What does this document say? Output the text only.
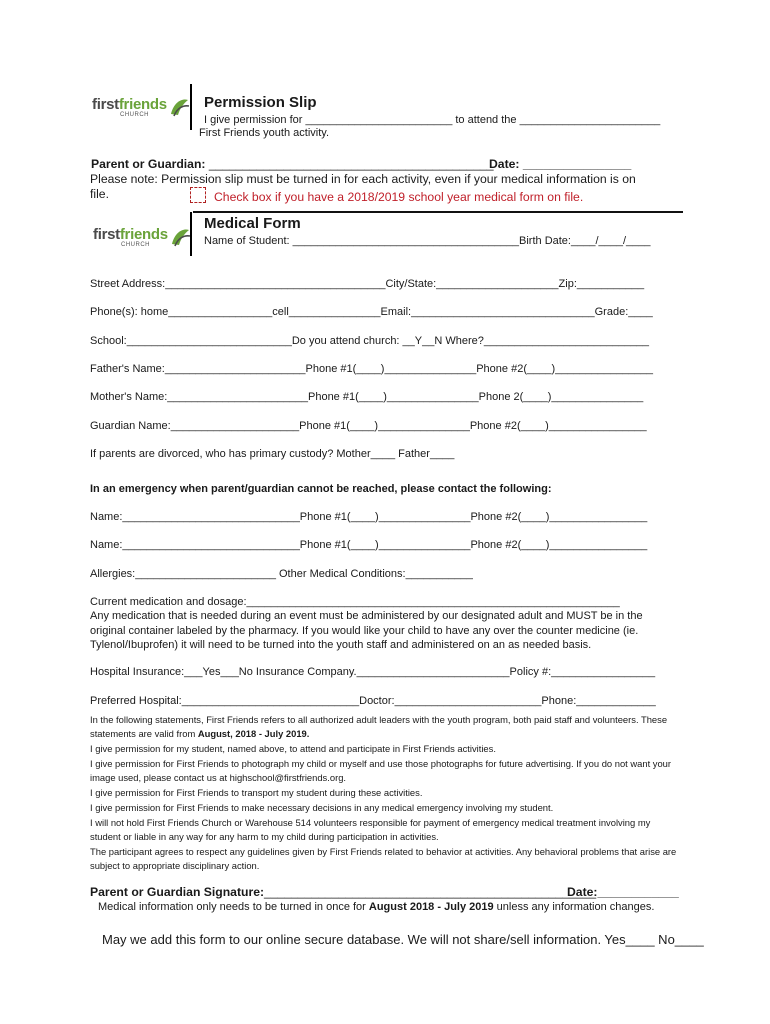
firstfriends
CHURCH
Permission Slip
I give permission for ________________________ to attend the _______________________
First Friends youth activity.
Parent or Guardian: __________________________________________
Date: ________________
Please note: Permission slip must be turned in for each activity, even if your medical information is on
file.	Check box if you have a 2018/2019 school year medical form on file.
firstfriends
CHURCH
Medical Form
Name of Student: _____________________________________Birth Date:____/____/____
Street Address:____________________________________City/State:____________________Zip:___________
Phone(s): home_________________cell_______________Email:______________________________Grade:____
School:___________________________Do you attend church: __Y__N Where?___________________________
Father's Name:_______________________Phone #1(____)_______________Phone #2(____)________________
Mother's Name:_______________________Phone #1(____)_______________Phone 2(____)_______________
Guardian Name:_____________________Phone #1(____)_______________Phone #2(____)________________
If parents are divorced, who has primary custody? Mother____ Father____
In an emergency when parent/guardian cannot be reached, please contact the following:
Name:_____________________________Phone #1(____)_______________Phone #2(____)________________
Name:_____________________________Phone #1(____)_______________Phone #2(____)________________
Allergies:_______________________ Other Medical Conditions:___________
Current medication and dosage:_____________________________________________________________
Any medication that is needed during an event must be administered by our designated adult and MUST be in the original container labeled by the pharmacy. If you would like your child to have any over the counter medicine (ie. Tylenol/Ibuprofen) it will need to be turned into the youth staff and administered on an as needed basis.
Hospital Insurance:___Yes___No Insurance Company._________________________Policy #:_________________
Preferred Hospital:_____________________________Doctor:________________________Phone:_____________
In the following statements, First Friends refers to all authorized adult leaders with the youth program, both paid staff and volunteers. These statements are valid from August, 2018 - July 2019.
I give permission for my student, named above, to attend and participate in First Friends activities.
I give permission for First Friends to photograph my child or myself and use those photographs for future advertising. If you do not want your image used, please contact us at highschool@firstfriends.org.
I give permission for First Friends to transport my student during these activities.
I give permission for First Friends to make necessary decisions in any medical emergency involving my student.
I will not hold First Friends Church or Warehouse 514 volunteers responsible for payment of emergency medical treatment involving my student or liable in any way for any harm to my child during participation in activities.
The participant agrees to respect any guidelines given by First Friends related to behavior at activities. Any behavioral problems that arise are subject to appropriate disciplinary action.
Parent or Guardian Signature:_________________________________________________
Date:____________
Medical information only needs to be turned in once for August 2018 - July 2019 unless any information changes.
May we add this form to our online secure database. We will not share/sell information. Yes____ No____
